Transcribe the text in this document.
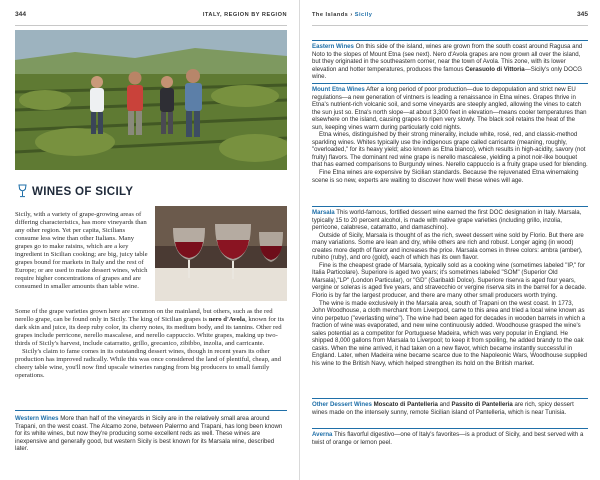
344	ITALY, REGION BY REGION
WINES OF SICILY

Sicily, with a variety of grape-growing areas of differing characteristics, has more vineyards than any other region. Yet per capita, Sicilians consume less wine than other Italians. Many grapes go to make raisins, which are a key ingredient in Sicilian cooking; are big, juicy table grapes bound for markets in Italy and the rest of Europe; or are used to make dessert wines, which require higher concentrations of grapes and are consumed in smaller amounts than table wine.

Some of the grape varieties grown here are common on the mainland, but others, such as the red nerello grape, can be found only in Sicily. The king of Sicilian grapes is nero d'Avola, known for its dark skin and juice, its deep ruby color, its cherry notes, its medium body, and its tannins. Other red grapes include perricone, nerello mascalese, and nerello cappuccio. White grapes, making up two-thirds of Sicily's harvest, include catarratto, grillo, grecanico, zibibbo, inzolia, and carricante.

Sicily's claim to fame comes in its outstanding dessert wines, though in recent years its other production has improved radically. While this was once considered the land of plentiful, cheap, and cheery table wine, you'll now find upscale wineries ranging from big producers to small family operations.

Western Wines More than half of the vineyards in Sicily are in the relatively small area around Trapani, on the west coast. The Alcamo zone, between Palermo and Trapani, has long been known for its white wines, but now they're producing some excellent reds as well. These wines are inexpensive and generally good, but western Sicily is best known for its Marsala wine, described later.

The Islands › Sicily	345

Eastern Wines On this side of the island, wines are grown from the south coast around Ragusa and Noto to the slopes of Mount Etna (see next). Nero d'Avola grapes are now grown all over the island, but they originated in the southeastern corner, near the town of Avola. This zone, with its lower elevation and hotter temperatures, produces the famous Cerasuolo di Vittoria—Sicily's only DOCG wine.

Mount Etna Wines After a long period of poor production—due to depopulation and strict new EU regulations—a new generation of vintners is leading a renaissance in Etna wines. Grapes thrive in Etna's nutrient-rich volcanic soil, and some vineyards are steeply angled, allowing the vines to catch the sun just so. Etna's north slope—at about 3,300 feet in elevation—means cooler temperatures than elsewhere on the island, causing grapes to ripen very slowly. The black soil retains the heat of the sun, keeping vines warm during particularly cold nights.

Etna wines, distinguished by their strong minerality, include white, rosé, red, and classic-method sparkling wines. Whites typically use the indigenous grape called carricante (meaning, roughly, "overloaded," for its heavy yield; also known as Etna bianco), which results in high-acidity, savory (not fruity) flavors. The dominant red wine grape is nerello mascalese, yielding a pinot noir-like bouquet that has earned comparisons to Burgundy wines. Nerello cappuccio is a fruity grape used for blending.

Fine Etna wines are expensive by Sicilian standards. Because the rejuvenated Etna winemaking scene is so new, experts are waiting to discover how well these wines will age.

Marsala This world-famous, fortified dessert wine earned the first DOC designation in Italy. Marsala, typically 15 to 20 percent alcohol, is made with native grape varieties (including grillo, inzolia, perricone, calabrese, catarratto, and damaschino).

Outside of Sicily, Marsala is thought of as the rich, sweet dessert wine sold by Florio. But there are many variations. Some are lean and dry, while others are rich and robust. Longer aging (in wood) creates more depth of flavor and increases the price. Marsala comes in three colors: ambra (amber), rubino (ruby), and oro (gold), each of which has its own flavor.

Fine is the cheapest grade of Marsala, typically sold as a cooking wine (sometimes labeled "IP," for Italia Particolare). Superiore is aged two years; it's sometimes labeled "SOM" (Superior Old Marsala),"LP" (London Particular), or "GD" (Garibaldi Dolce). Superiore riserva is aged four years, vergine or soleras is aged five years, and stravecchio or vergine riserva sits in the barrel for a decade. Florio is by far the largest producer, and there are many other small producers worth trying.

The wine is made exclusively in the Marsala area, south of Trapani on the west coast. In 1773, John Woodhouse, a cloth merchant from Liverpool, came to this area and tried a local wine known as vino perpetuo ("everlasting wine"). The wine had been aged for decades in wooden barrels in which a fraction of wine was evaporated, and new wine continuously added. Woodhouse grasped the wine's sales potential as a competitor for Portuguese Madeira, which was very popular in England. He shipped 8,000 gallons from Marsala to Liverpool; to keep it from spoiling, he added brandy to the oak casks. When the wine arrived, it had taken on a new flavor, which became instantly successful in England. Later, when Madeira wine became scarce due to the Napoleonic Wars, Woodhouse supplied his wine to the British Navy, which helped strengthen its hold on the British market.

Other Dessert Wines Moscato di Pantelleria and Passito di Pantelleria are rich, spicy dessert wines made on the intensely sunny, remote Sicilian island of Pantelleria, which is near Tunisia.

Averna This flavorful digestivo—one of Italy's favorites—is a product of Sicily, and best served with a twist of orange or lemon peel.
